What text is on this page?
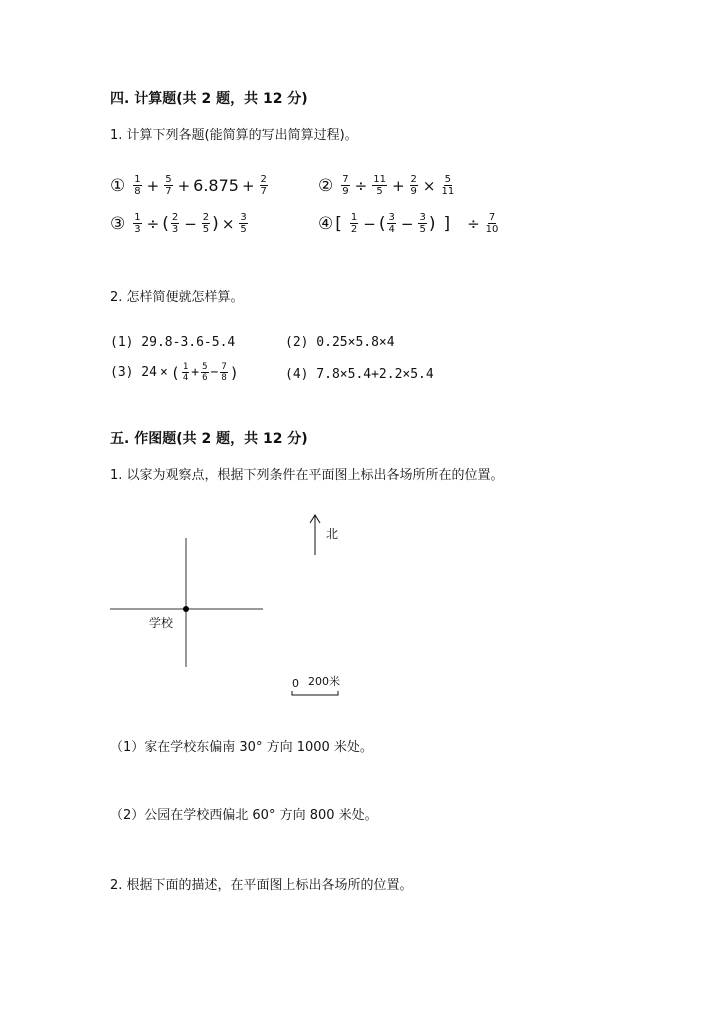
四. 计算题(共 2 题，共 12 分)
1. 计算下列各题(能简算的写出简算过程)。
① $\frac{1}{8} + \frac{5}{7} + 6.875 + \frac{2}{7}$	② $\frac{7}{9} \div \frac{11}{5} + \frac{2}{9} \times \frac{5}{11}$
③ $\frac{1}{3}$ ÷ ( $\frac{2}{3} - \frac{2}{5}$ ) × $\frac{3}{5}$	④ [ $\frac{1}{2}$ − ( $\frac{3}{4} - \frac{3}{5}$ ) ] ÷ $\frac{7}{10}$
2. 怎样简便就怎样算。
(1) 29.8-3.6-5.4	(2) 0.25×5.8×4
(3) 24 × ( $\frac{1}{4} + \frac{5}{6} - \frac{7}{8}$ )	(4) 7.8×5.4+2.2×5.4
五. 作图题(共 2 题，共 12 分)
1. 以家为观察点，根据下列条件在平面图上标出各场所所在的位置。
北
学校
0 200米
（1）家在学校东偏南 30° 方向 1000 米处。
（2）公园在学校西偏北 60° 方向 800 米处。
2. 根据下面的描述，在平面图上标出各场所的位置。
